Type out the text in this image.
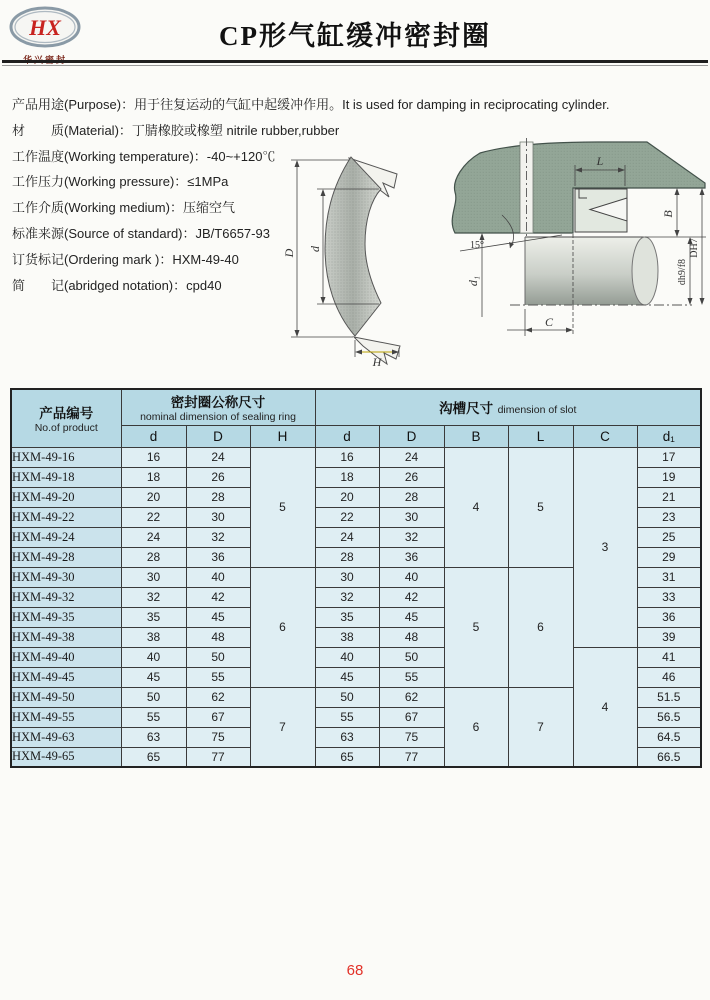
HX
华兴密封
CP形气缸缓冲密封圈
产品用途(Purpose)：用于往复运动的气缸中起缓冲作用。It is used for damping in reciprocating cylinder.
材　　质(Material)：丁腈橡胶或橡塑 nitrile rubber,rubber
工作温度(Working temperature)：-40~+120℃
工作压力(Working pressure)：≤1MPa
工作介质(Working medium)：压缩空气
标准来源(Source of standard)：JB/T6657-93
订货标记(Ordering mark )：HXM-49-40
简　　记(abridged notation)：cpd40
D d
H
15°
L
B
dh9/f8
DH7
d₁
C
产品编号
No.of product

密封圈公称尺寸
nominal dimension of sealing ring
	沟槽尺寸 dimension of slot
	d	D	H	d	D	B	L	C	d₁
HXM-49-16	16	24	5	16	24	4	5	3	17
HXM-49-18	18	26		18	26				19
HXM-49-20	20	28		20	28				21
HXM-49-22	22	30		22	30				23
HXM-49-24	24	32		24	32				25
HXM-49-28	28	36		28	36				29
HXM-49-30	30	40	6	30	40	5	6		31
HXM-49-32	32	42		32	42				33
HXM-49-35	35	45		35	45				36
HXM-49-38	38	48		38	48				39
HXM-49-40	40	50		40	50			4	41
HXM-49-45	45	55		45	55				46
HXM-49-50	50	62	7	50	62	6	7		51.5
HXM-49-55	55	67		55	67				56.5
HXM-49-63	63	75		63	75				64.5
HXM-49-65	65	77		65	77				66.5
68
